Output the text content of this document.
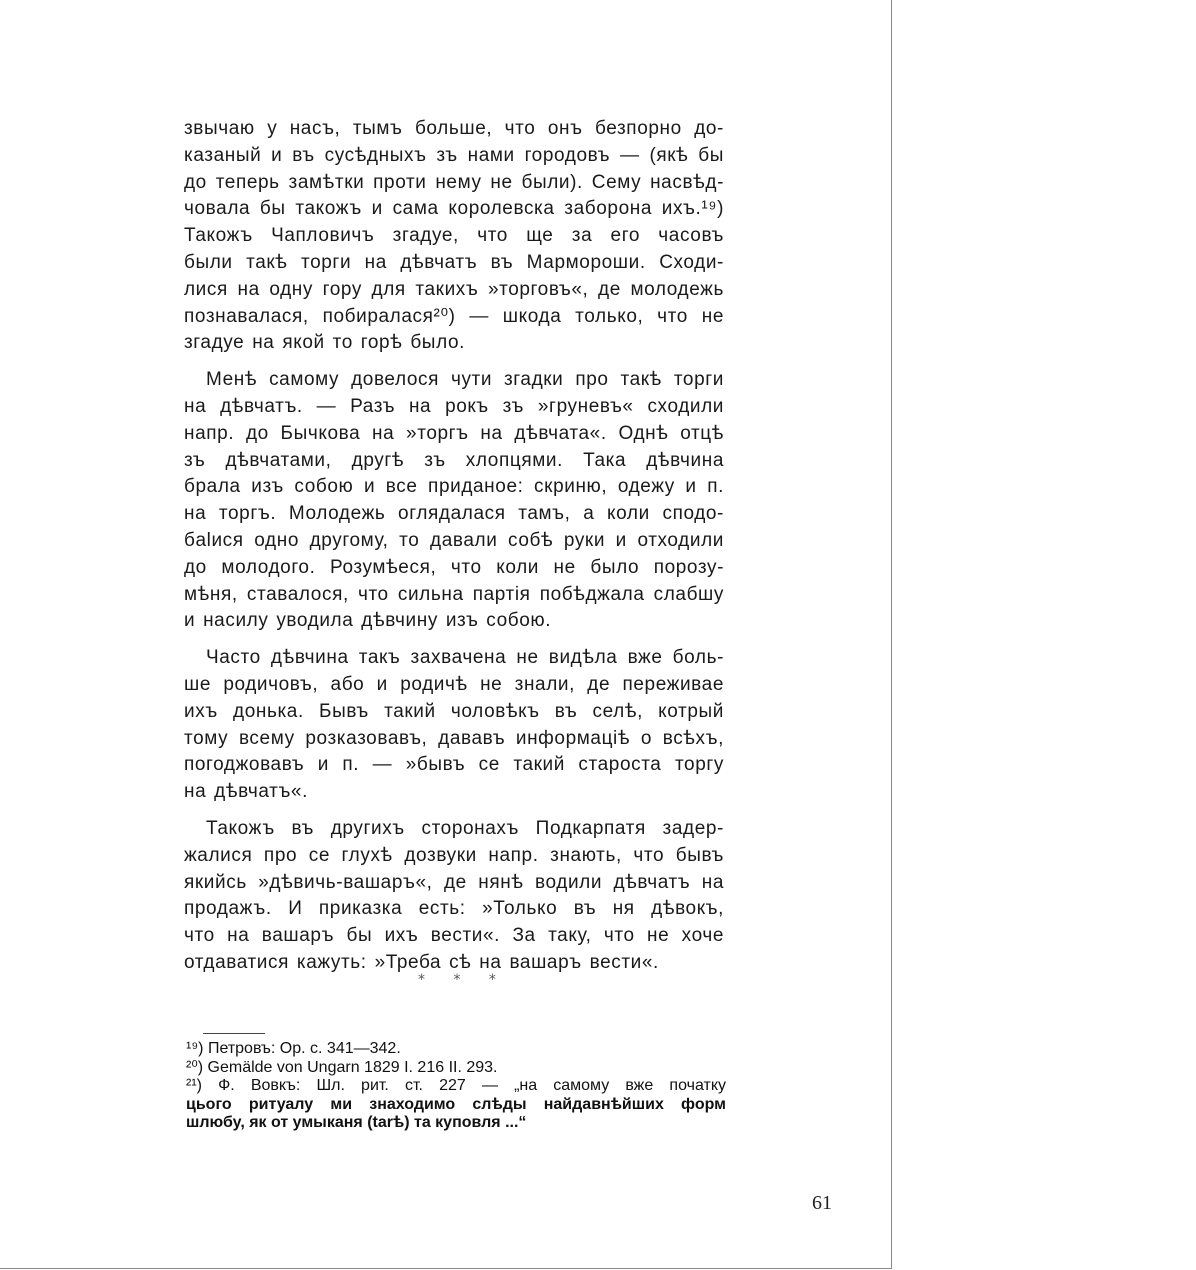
звычаю у насъ, тымъ больше, что онъ безпорно до-
казаный и въ сусѣдныхъ зъ нами городовъ — (якѣ бы
до теперь замѣтки проти нему не были). Сему насвѣд-
човала бы такожъ и сама королевска заборона ихъ.¹⁹)
Такожъ Чапловичъ згадуе, что ще за его часовъ
были такѣ торги на дѣвчатъ въ Мармороши. Сходи-
лися на одну гору для такихъ »торговъ«, де молодежь
познавалася, побиралася²⁰) — шкода только, что не
згадуе на якой то горѣ было.
Менѣ самому довелося чути згадки про такѣ торги
на дѣвчатъ. — Разъ на рокъ зъ »груневъ« сходили
напр. до Бычкова на »торгъ на дѣвчата«. Однѣ отцѣ
зъ дѣвчатами, другѣ зъ хлопцями. Така дѣвчина
брала изъ собою и все приданое: скриню, одежу и п.
на торгъ. Молодежь оглядалася тамъ, а коли сподо-
бalися одно другому, то давали собѣ руки и отходили
до молодого. Розумѣеся, что коли не было порозу-
мѣня, ставалося, что сильна партія побѣджала слабшу
и насилу уводила дѣвчину изъ собою.
Часто дѣвчина такъ захвачена не видѣла вже боль-
ше родичовъ, або и родичѣ не знали, де переживае
ихъ донька. Бывъ такий чоловѣкъ въ селѣ, котрый
тому всему розказовавъ, дававъ информацiѣ о всѣхъ,
погоджовавъ и п. — »бывъ се такий староста торгу
на дѣвчатъ«.
Такожъ въ другихъ сторонахъ Подкарпатя задер-
жалися про се глухѣ дозвуки напр. знають, что бывъ
якийсь »дѣвичь-вашаръ«, де нянѣ водили дѣвчатъ на
продажъ. И приказка есть: »Только въ ня дѣвокъ,
что на вашаръ бы ихъ вести«. За таку, что не хоче
отдаватися кажуть: »Треба сѣ на вашаръ вести«.
* * *
¹⁹) Петровъ: Op. c. 341—342.
²⁰) Gemälde von Ungarn 1829 I. 216 II. 293.
²¹) Ф. Вовкъ: Шл. рит. ст. 227 — „на самому вже початку
цього ритуалу ми знаходимо слѣды найдавнѣйших форм
шлюбу, як от умыканя (tarѣ) та куповля ...“
61
